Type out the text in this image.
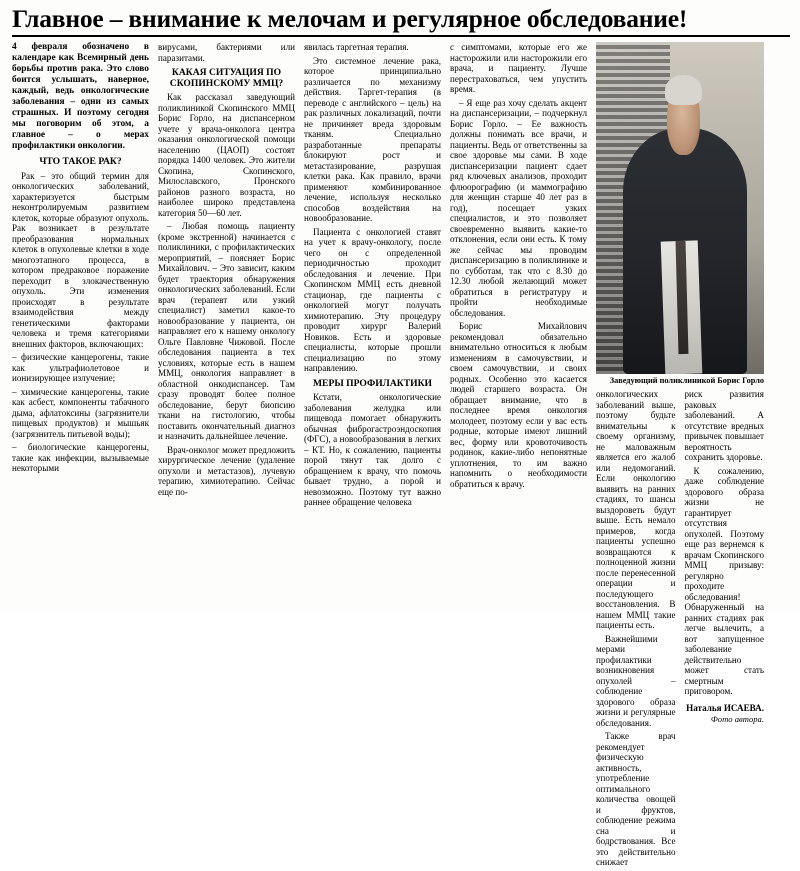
Главное – внимание к мелочам и регулярное обследование!

4 февраля обозначено в календаре как Всемирный день борьбы против рака. Это слово боится услышать, наверное, каждый, ведь онкологические заболевания – одни из самых страшных. И поэтому сегодня мы поговорим об этом, а главное – о мерах профилактики онкологии.

ЧТО ТАКОЕ РАК?

Рак – это общий термин для онкологических заболеваний, характеризуется быстрым неконтролируемым развитием клеток, которые образуют опухоль. Рак возникает в результате преобразования нормальных клеток в опухолевые клетки в ходе многоэтапного процесса, в котором предраковое поражение переходит в злокачественную опухоль. Эти изменения происходят в результате взаимодействия между генетическими факторами человека и тремя категориями внешних факторов, включающих:

– физические канцерогены, такие как ультрафиолетовое и ионизирующее излучение;

– химические канцерогены, такие как асбест, компоненты табачного дыма, афлатоксины (загрязнители пищевых продуктов) и мышьяк (загрязнитель питьевой воды);

– биологические канцерогены, такие как инфекции, вызываемые некоторыми

вирусами, бактериями или паразитами.

КАКАЯ СИТУАЦИЯ ПО СКОПИНСКОМУ ММЦ?

Как рассказал заведующий поликлиникой Скопинского ММЦ Борис Горло, на диспансерном учете у врача-онколога центра оказания онкологической помощи населению (ЦАОП) состоят порядка 1400 человек. Это жители Скопина, Скопинского, Милославского, Пронского районов разного возраста, но наиболее широко представлена категория 50—60 лет.

– Любая помощь пациенту (кроме экстренной) начинается с поликлиники, с профилактических мероприятий, – поясняет Борис Михайлович. – Это зависит, каким будет траектория обнаружения онкологических заболеваний. Если врач (терапевт или узкий специалист) заметил какое-то новообразование у пациента, он направляет его к нашему онкологу Ольге Павловне Чижовой. После обследования пациента в тех условиях, которые есть в нашем ММЦ, онкология направляет в областной онкодиспансер. Там сразу проводят более полное обследование, берут биопсию ткани на гистологию, чтобы поставить окончательный диагноз и назначить дальнейшее лечение.

Врач-онколог может предложить хирургическое лечение (удаление опухоли и метастазов), лучевую терапию, химиотерапию. Сейчас еще по-

явилась таргетная терапия.

Это системное лечение рака, которое принципиально различается по механизму действия. Таргет-терапия (в переводе с английского – цель) на рак различных локализаций, почти не причиняет вреда здоровым тканям. Специально разработанные препараты блокируют рост и метастазирование, разрушая клетки рака. Как правило, врачи применяют комбинированное лечение, используя несколько способов воздействия на новообразование.

Пациента с онкологией ставят на учет к врачу-онкологу, после чего он с определенной периодичностью проходит обследования и лечение. При Скопинском ММЦ есть дневной стационар, где пациенты с онкологией могут получать химиотерапию. Эту процедуру проводит хирург Валерий Новиков. Есть и здоровые специалисты, которые прошли специализацию по этому направлению.

МЕРЫ ПРОФИЛАКТИКИ

Кстати, онкологические заболевания желудка или пищевода помогает обнаружить обычная фиброгастроэндоскопия (ФГС), а новообразования в легких – КТ. Но, к сожалению, пациенты порой тянут так долго с обращением к врачу, что помочь бывает трудно, а порой и невозможно. Поэтому тут важно раннее обращение человека

с симптомами, которые его же насторожили или насторожили его врача, и пациенту. Лучше перестраховаться, чем упустить время.

– Я еще раз хочу сделать акцент на диспансеризации, – подчеркнул Борис Горло. – Ее важность должны понимать все врачи, и пациенты. Ведь от ответственны за свое здоровье мы сами. В ходе диспансеризации пациент сдает ряд ключевых анализов, проходит флюорографию (и маммографию для женщин старше 40 лет раз в год), посещает узких специалистов, и это позволяет своевременно выявить какие-то отклонения, если они есть. К тому же сейчас мы проводим диспансеризацию в поликлинике и по субботам, так что с 8.30 до 12.30 любой желающий может обратиться в регистратуру и пройти необходимые обследования.

Борис Михайлович рекомендовал обязательно внимательно относиться к любым изменениям в самочувствии, и своем самочувствии, и своих родных. Особенно это касается людей старшего возраста. Он обращает внимание, что в последнее время онкология молодеет, поэтому если у вас есть родные, которые имеют лишний вес, форму или кровоточивость родинок, какие-либо непонятные уплотнения, то им важно напомнить о необходимости обратиться к врачу.

Заведующий поликлиникой Борис Горло

онкологических заболеваний выше, поэтому будьте внимательны к своему организму, не маловажным является его жалоб или недомоганий. Если онкологию выявить на ранних стадиях, то шансы выздороветь будут выше. Есть немало примеров, когда пациенты успешно возвращаются к полноценной жизни после перенесенной операции и последующего восстановления. В нашем ММЦ такие пациенты есть.

Важнейшими мерами профилактики возникновения опухолей – соблюдение здорового образа жизни и регулярные обследования.

Также врач рекомендует физическую активность, употребление оптимального количества овощей и фруктов, соблюдение режима сна и бодрствования. Все это действительно снижает

риск развития раковых заболеваний. А отсутствие вредных привычек повышает вероятность сохранить здоровье.

К сожалению, даже соблюдение здорового образа жизни не гарантирует отсутствия опухолей. Поэтому еще раз вернемся к врачам Скопинского ММЦ призыву: регулярно проходите обследования! Обнаруженный на ранних стадиях рак легче вылечить, а вот запущенное заболевание действительно может стать смертным приговором.

Наталья ИСАЕВА.
Фото автора.
